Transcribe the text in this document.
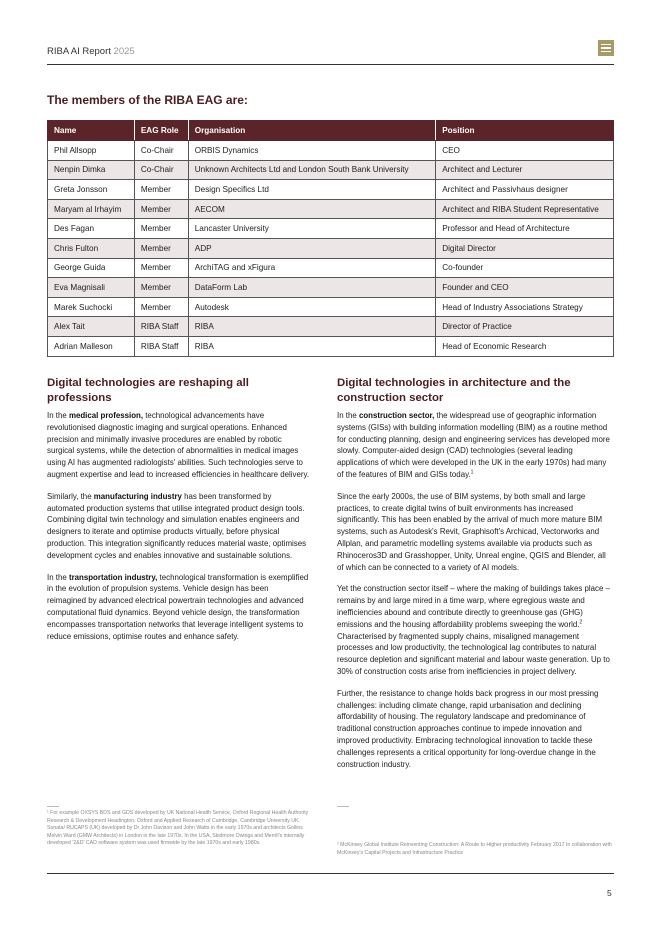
RIBA AI Report 2025
The members of the RIBA EAG are:
Name	EAG Role	Organisation	Position
Phil Allsopp	Co-Chair	ORBIS Dynamics	CEO
Nenpin Dimka	Co-Chair	Unknown Architects Ltd and London South Bank University	Architect and Lecturer
Greta Jonsson	Member	Design Specifics Ltd	Architect and Passivhaus designer
Maryam al Irhayim	Member	AECOM	Architect and RIBA Student Representative
Des Fagan	Member	Lancaster University	Professor and Head of Architecture
Chris Fulton	Member	ADP	Digital Director
George Guida	Member	ArchiTAG and xFigura	Co-founder
Eva Magnisali	Member	DataForm Lab	Founder and CEO
Marek Suchocki	Member	Autodesk	Head of Industry Associations Strategy
Alex Tait	RIBA Staff	RIBA	Director of Practice
Adrian Malleson	RIBA Staff	RIBA	Head of Economic Research
Digital technologies are reshaping all professions

In the medical profession, technological advancements have revolutionised diagnostic imaging and surgical operations. Enhanced precision and minimally invasive procedures are enabled by robotic surgical systems, while the detection of abnormalities in medical images using AI has augmented radiologists' abilities. Such technologies serve to augment expertise and lead to increased efficiencies in healthcare delivery.

Similarly, the manufacturing industry has been transformed by automated production systems that utilise integrated product design tools. Combining digital twin technology and simulation enables engineers and designers to iterate and optimise products virtually, before physical production. This integration significantly reduces material waste, optimises development cycles and enables innovative and sustainable solutions.

In the transportation industry, technological transformation is exemplified in the evolution of propulsion systems. Vehicle design has been reimagined by advanced electrical powertrain technologies and advanced computational fluid dynamics. Beyond vehicle design, the transformation encompasses transportation networks that leverage intelligent systems to reduce emissions, optimise routes and enhance safety.

Digital technologies in architecture and the construction sector

In the construction sector, the widespread use of geographic information systems (GISs) with building information modelling (BIM) as a routine method for conducting planning, design and engineering services has developed more slowly. Computer-aided design (CAD) technologies (several leading applications of which were developed in the UK in the early 1970s) had many of the features of BIM and GISs today.$^1$

Since the early 2000s, the use of BIM systems, by both small and large practices, to create digital twins of built environments has increased significantly. This has been enabled by the arrival of much more mature BIM systems, such as Autodesk's Revit, Graphisoft's Archicad, Vectorworks and Allplan, and parametric modelling systems available via products such as Rhinoceros3D and Grasshopper, Unity, Unreal engine, QGIS and Blender, all of which can be connected to a variety of AI models.

Yet the construction sector itself – where the making of buildings takes place – remains by and large mired in a time warp, where egregious waste and inefficiencies abound and contribute directly to greenhouse gas (GHG) emissions and the housing affordability problems sweeping the world.$^2$ Characterised by fragmented supply chains, misaligned management processes and low productivity, the technological lag contributes to natural resource depletion and significant material and labour waste generation. Up to 30% of construction costs arise from inefficiencies in project delivery.

Further, the resistance to change holds back progress in our most pressing challenges: including climate change, rapid urbanisation and declining affordability of housing. The regulatory landscape and predominance of traditional construction approaches continue to impede innovation and improved productivity. Embracing technological innovation to tackle these challenges represents a critical opportunity for long-overdue change in the construction industry.

¹ For example OXSYS BDS and GDS developed by UK National Health Service, Oxford Regional Health Authority Research & Development Headington, Oxford and Applied Research of Cambridge, Cambridge University UK. Sonata/ RUCAPS (UK) developed by Dr John Davison and John Watts in the early 1970s and architects Gollins Melvin Ward (GMW Architects) in London in the late 1970s. In the USA, Skidmore Owings and Merrill's internally developed '2&D' CAD software system was used firmwide by the late 1970s and early 1980s.	² McKinsey Global Institute Reinventing Construction: A Route to Higher productivity February 2017 In collaboration with McKinsey's Capital Projects and Infrastructure Practice
5
